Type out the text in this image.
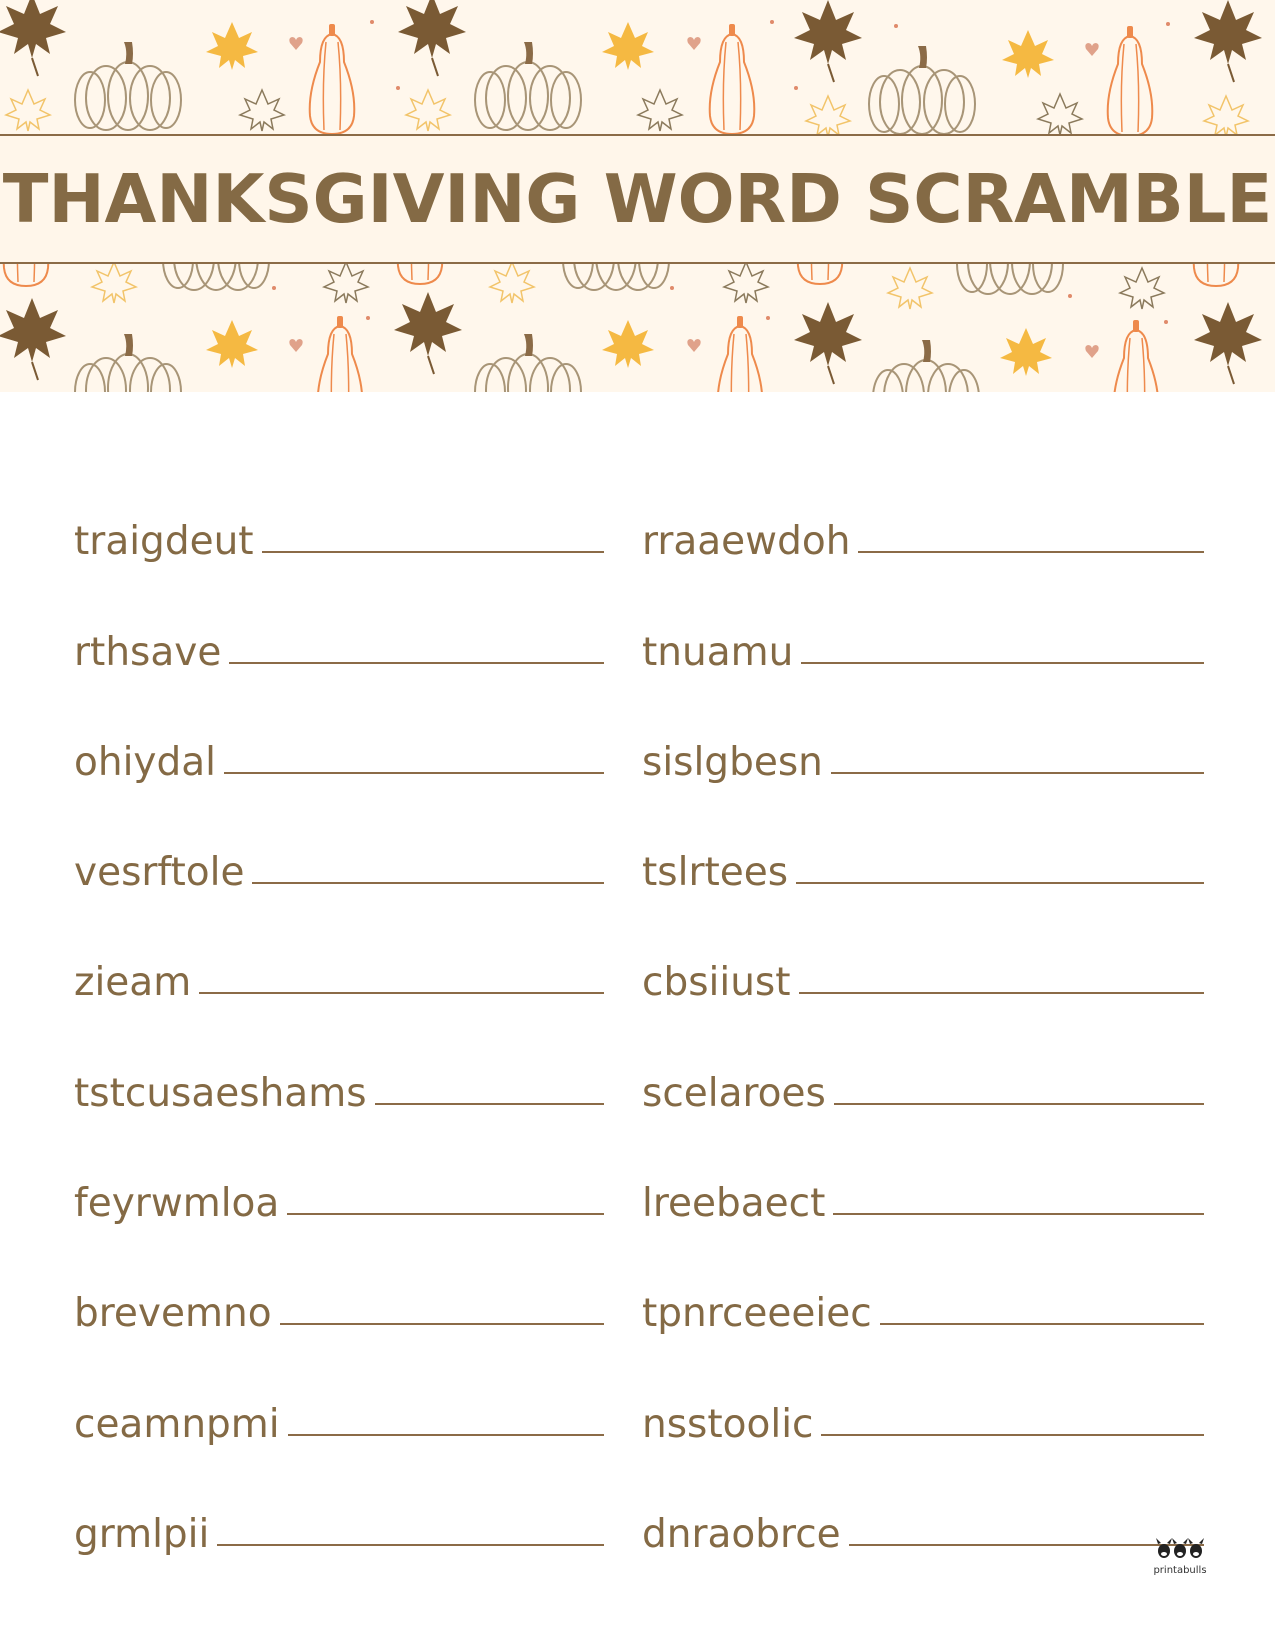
THANKSGIVING WORD SCRAMBLE
traigdeut
rthsave
ohiydal
vesrftole
zieam
tstcusaeshams
feyrwmloa
brevemno
ceamnpmi
grmlpii
rraaewdoh
tnuamu
sislgbesn
tslrtees
cbsiiust
scelaroes
lreebaect
tpnrceeeiec
nsstoolic
dnraobrce
printabulls
